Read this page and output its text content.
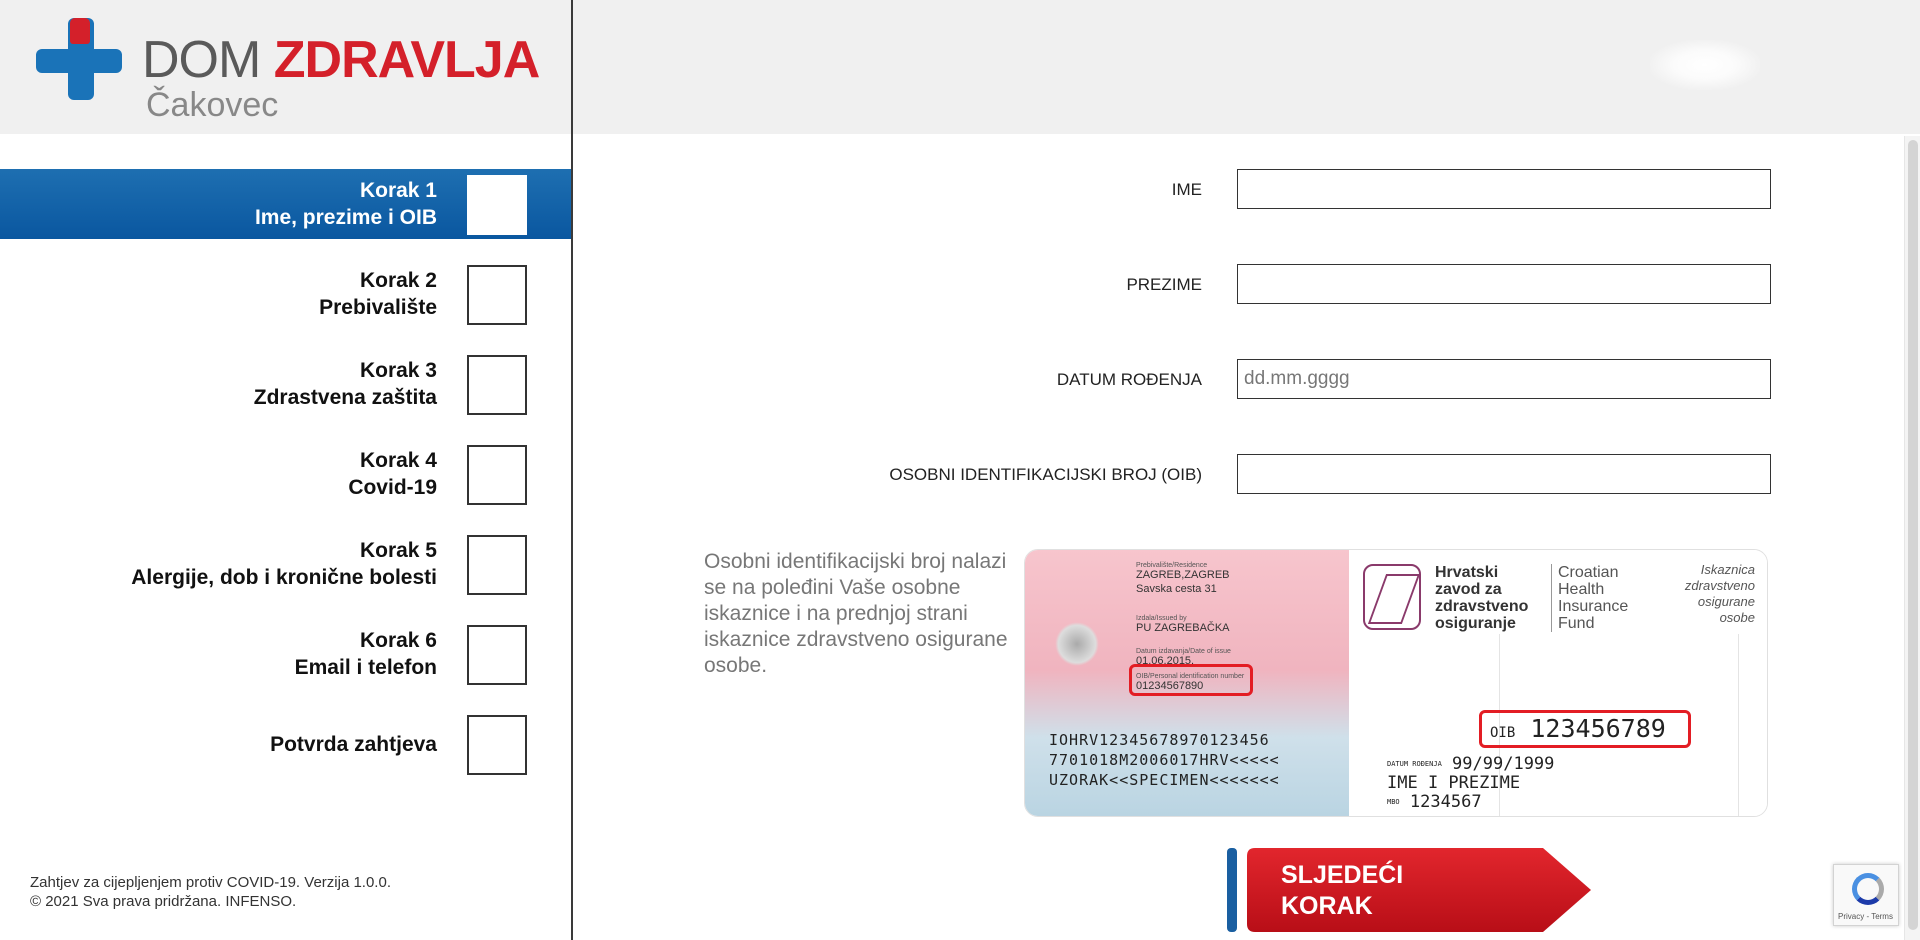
DOM ZDRAVLJA
Čakovec
Korak 1
Ime, prezime i OIB
Korak 2
Prebivalište
Korak 3
Zdrastvena zaštita
Korak 4
Covid-19
Korak 5
Alergije, dob i kronične bolesti
Korak 6
Email i telefon
Potvrda zahtjeva
Zahtjev za cijepljenjem protiv COVID-19. Verzija 1.0.0.
© 2021 Sva prava pridržana. INFENSO.
IME
PREZIME
DATUM ROĐENJA
dd.mm.gggg
OSOBNI IDENTIFIKACIJSKI BROJ (OIB)
Osobni identifikacijski broj nalazi se na poleđini Vaše osobne iskaznice i na prednjoj strani iskaznice zdravstveno osigurane osobe.
Prebivalište/Residence
ZAGREB,ZAGREB
Savska cesta 31
Izdala/Issued by
PU ZAGREBAČKA
Datum izdavanja/Date of issue
01.06.2015.
OIB/Personal identification number
01234567890
IOHRV12345678970123456
7701018M2006017HRV<<<<<
UZORAK<<SPECIMEN<<<<<<<
Hrvatski
zavod za
zdravstveno
osiguranje
Croatian
Health
Insurance
Fund
Iskaznica
zdravstveno
osigurane
osobe
OIB 123456789
DATUM ROĐENJA 99/99/1999
IME I PREZIME
MBO 1234567
SLJEDEĆI
KORAK	Privacy - Terms
